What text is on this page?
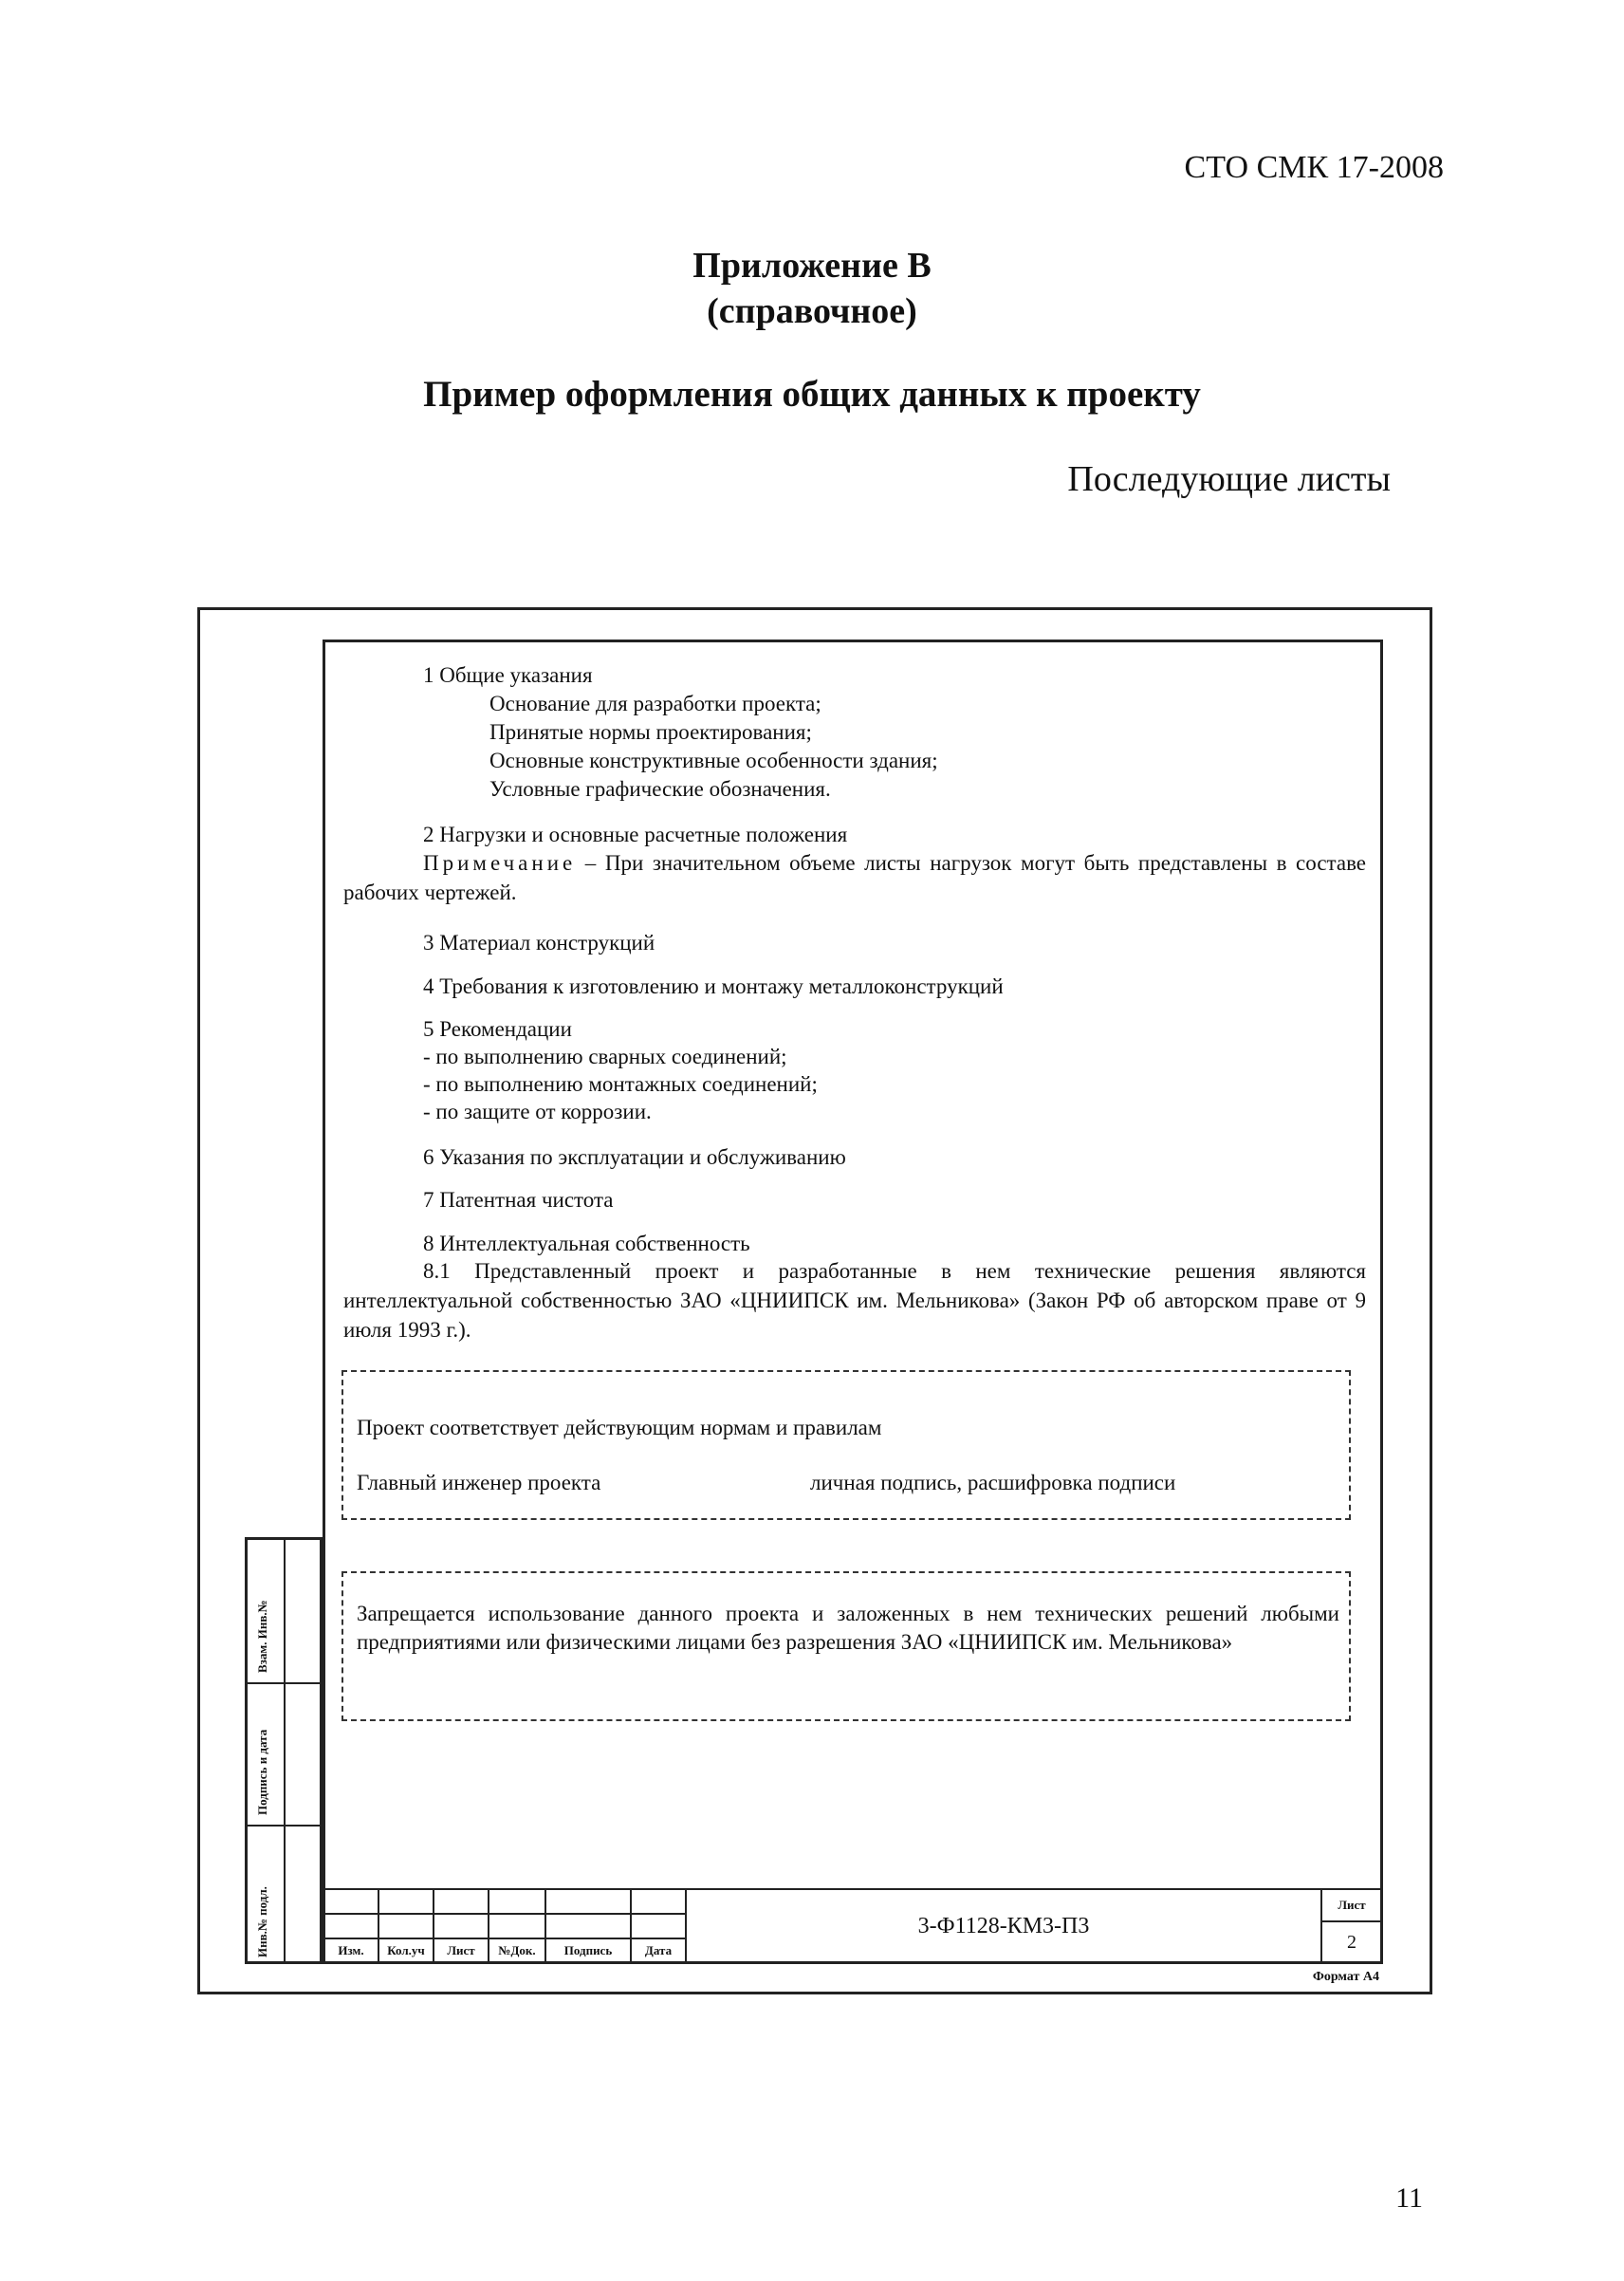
СТО СМК 17-2008
Приложение В
(справочное)
Пример оформления общих данных к проекту
Последующие листы
Взам. Инв.№
Подпись и дата
Инв.№ подл.
1 Общие указания
Основание для разработки проекта;
Принятые нормы проектирования;
Основные конструктивные особенности здания;
Условные графические обозначения.
2 Нагрузки и основные расчетные положения
Примечание – При значительном объеме листы нагрузок могут быть представлены в составе рабочих чертежей.
3 Материал конструкций
4 Требования к изготовлению и монтажу металлоконструкций
5 Рекомендации
- по выполнению сварных соединений;
- по выполнению монтажных соединений;
- по защите от коррозии.
6 Указания по эксплуатации и обслуживанию
7 Патентная чистота
8 Интеллектуальная собственность
8.1 Представленный проект и разработанные в нем технические решения являются интеллектуальной собственностью ЗАО «ЦНИИПСК им. Мельникова» (Закон РФ об авторском праве от 9 июля 1993 г.).
Проект соответствует действующим нормам и правилам
Главный инженер проекта	личная подпись, расшифровка подписи
Запрещается использование данного проекта и заложенных в нем технических решений любыми предприятиями или физическими лицами без разрешения ЗАО «ЦНИИПСК им. Мельникова»
Изм.	Кол.уч	Лист	№Док.	Подпись	Дата
3-Ф1128-КМ3-П3
Лист
2
Формат А4
11
